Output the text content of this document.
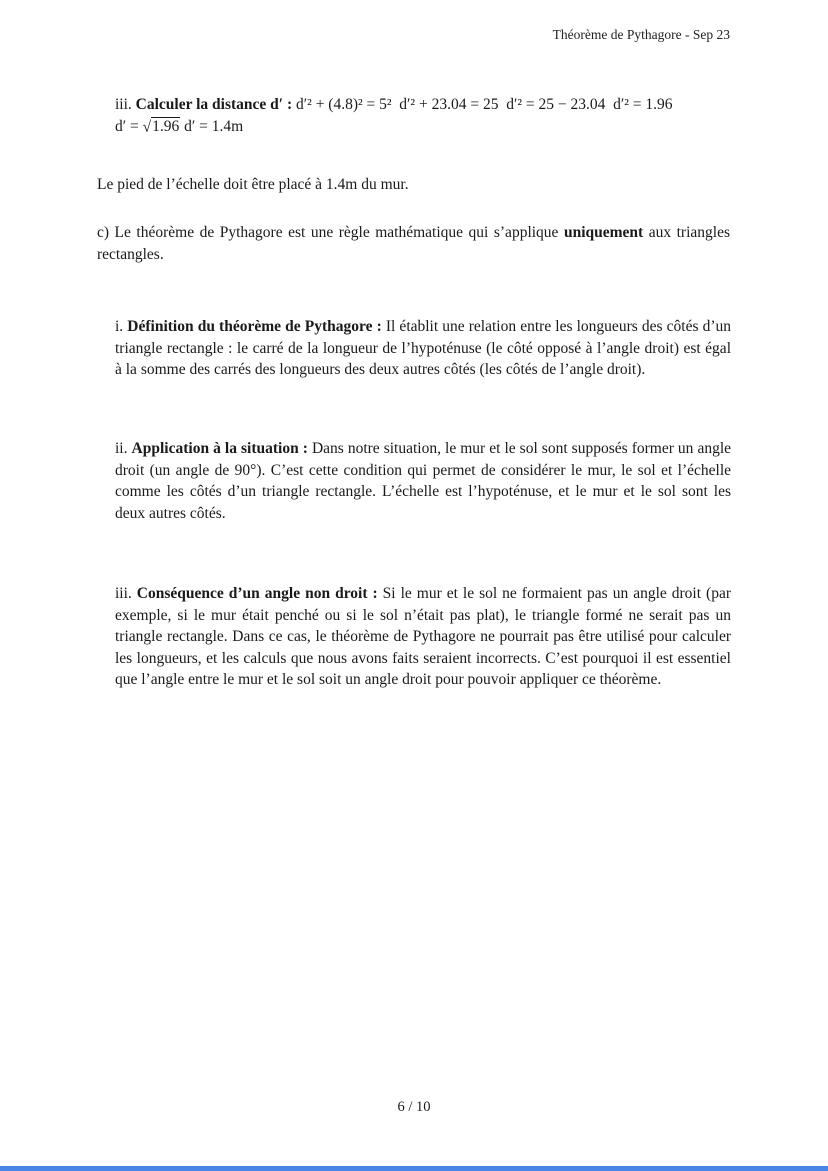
Théorème de Pythagore - Sep 23
iii. Calculer la distance d′ : d′² + (4.8)² = 5²  d′² + 23.04 = 25  d′² = 25 − 23.04  d′² = 1.96
d′ = √1.96 d′ = 1.4m
Le pied de l’échelle doit être placé à 1.4m du mur.
c) Le théorème de Pythagore est une règle mathématique qui s’applique uniquement aux triangles rectangles.
i. Définition du théorème de Pythagore : Il établit une relation entre les longueurs des côtés d’un triangle rectangle : le carré de la longueur de l’hypoténuse (le côté opposé à l’angle droit) est égal à la somme des carrés des longueurs des deux autres côtés (les côtés de l’angle droit).
ii. Application à la situation : Dans notre situation, le mur et le sol sont supposés former un angle droit (un angle de 90°). C’est cette condition qui permet de considérer le mur, le sol et l’échelle comme les côtés d’un triangle rectangle. L’échelle est l’hypoténuse, et le mur et le sol sont les deux autres côtés.
iii. Conséquence d’un angle non droit : Si le mur et le sol ne formaient pas un angle droit (par exemple, si le mur était penché ou si le sol n’était pas plat), le triangle formé ne serait pas un triangle rectangle. Dans ce cas, le théorème de Pythagore ne pourrait pas être utilisé pour calculer les longueurs, et les calculs que nous avons faits seraient incorrects. C’est pourquoi il est essentiel que l’angle entre le mur et le sol soit un angle droit pour pouvoir appliquer ce théorème.
6 / 10
